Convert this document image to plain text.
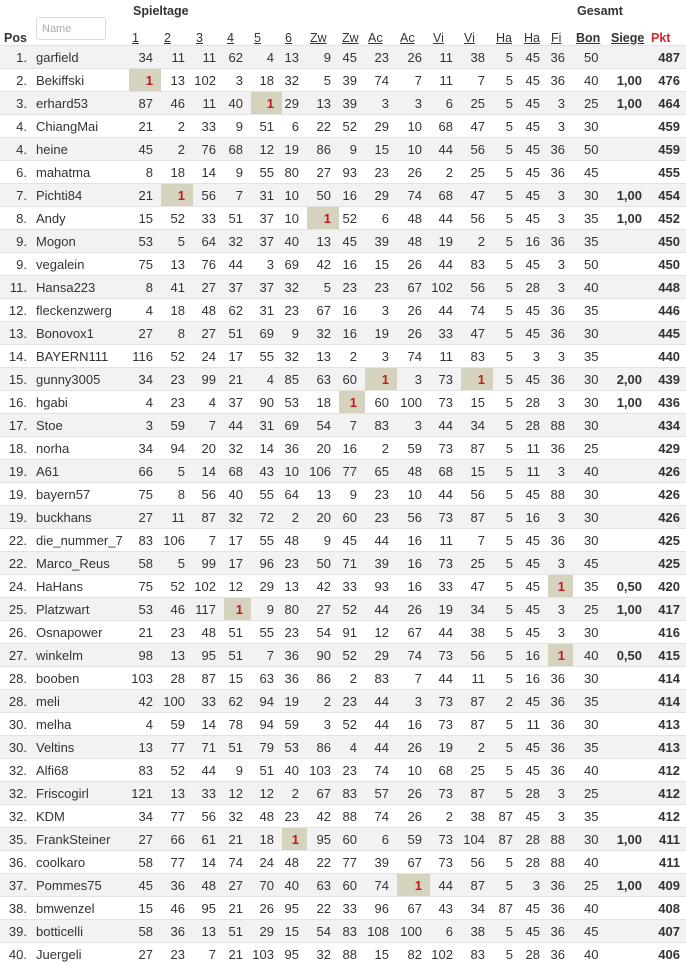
Spieltage	Gesamt
Name
Pos		1	2	3	4	5	6	Zw	Zw	Ac	Ac	Vi	Vi	Ha	Ha	Fi	Bon	Siege	Pkt
1.	garfield	34	11	11	62	4	13	9	45	23	26	11	38	5	45	36	50		487
2.	Bekiffski	1	13	102	3	18	32	5	39	74	7	11	7	5	45	36	40	1,00	476
3.	erhard53	87	46	11	40	1	29	13	39	3	3	6	25	5	45	3	25	1,00	464
4.	ChiangMai	21	2	33	9	51	6	22	52	29	10	68	47	5	45	3	30		459
4.	heine	45	2	76	68	12	19	86	9	15	10	44	56	5	45	36	50		459
6.	mahatma	8	18	14	9	55	80	27	93	23	26	2	25	5	45	36	45		455
7.	Pichti84	21	1	56	7	31	10	50	16	29	74	68	47	5	45	3	30	1,00	454
8.	Andy	15	52	33	51	37	10	1	52	6	48	44	56	5	45	3	35	1,00	452
9.	Mogon	53	5	64	32	37	40	13	45	39	48	19	2	5	16	36	35		450
9.	vegalein	75	13	76	44	3	69	42	16	15	26	44	83	5	45	3	50		450
11.	Hansa223	8	41	27	37	37	32	5	23	23	67	102	56	5	28	3	40		448
12.	fleckenzwerg	4	18	48	62	31	23	67	16	3	26	44	74	5	45	36	35		446
13.	Bonovox1	27	8	27	51	69	9	32	16	19	26	33	47	5	45	36	30		445
14.	BAYERN111	116	52	24	17	55	32	13	2	3	74	11	83	5	3	3	35		440
15.	gunny3005	34	23	99	21	4	85	63	60	1	3	73	1	5	45	36	30	2,00	439
16.	hgabi	4	23	4	37	90	53	18	1	60	100	73	15	5	28	3	30	1,00	436
17.	Stoe	3	59	7	44	31	69	54	7	83	3	44	34	5	28	88	30		434
18.	norha	34	94	20	32	14	36	20	16	2	59	73	87	5	11	36	25		429
19.	A61	66	5	14	68	43	10	106	77	65	48	68	15	5	11	3	40		426
19.	bayern57	75	8	56	40	55	64	13	9	23	10	44	56	5	45	88	30		426
19.	buckhans	27	11	87	32	72	2	20	60	23	56	73	87	5	16	3	30		426
22.	die_nummer_7	83	106	7	17	55	48	9	45	44	16	11	7	5	45	36	30		425
22.	Marco_Reus	58	5	99	17	96	23	50	71	39	16	73	25	5	45	3	45		425
24.	HaHans	75	52	102	12	29	13	42	33	93	16	33	47	5	45	1	35	0,50	420
25.	Platzwart	53	46	117	1	9	80	27	52	44	26	19	34	5	45	3	25	1,00	417
26.	Osnapower	21	23	48	51	55	23	54	91	12	67	44	38	5	45	3	30		416
27.	winkelm	98	13	95	51	7	36	90	52	29	74	73	56	5	16	1	40	0,50	415
28.	booben	103	28	87	15	63	36	86	2	83	7	44	11	5	16	36	30		414
28.	meli	42	100	33	62	94	19	2	23	44	3	73	87	2	45	36	35		414
30.	melha	4	59	14	78	94	59	3	52	44	16	73	87	5	11	36	30		413
30.	Veltins	13	77	71	51	79	53	86	4	44	26	19	2	5	45	36	35		413
32.	Alfi68	83	52	44	9	51	40	103	23	74	10	68	25	5	45	36	40		412
32.	Friscogirl	121	13	33	12	12	2	67	83	57	26	73	87	5	28	3	25		412
32.	KDM	34	77	56	32	48	23	42	88	74	26	2	38	87	45	3	35		412
35.	FrankSteiner	27	66	61	21	18	1	95	60	6	59	73	104	87	28	88	30	1,00	411
36.	coolkaro	58	77	14	74	24	48	22	77	39	67	73	56	5	28	88	40		411
37.	Pommes75	45	36	48	27	70	40	63	60	74	1	44	87	5	3	36	25	1,00	409
38.	bmwenzel	15	46	95	21	26	95	22	33	96	67	43	34	87	45	36	40		408
39.	botticelli	58	36	13	51	29	15	54	83	108	100	6	38	5	45	36	45		407
40.	Juergeli	27	23	7	21	103	95	32	88	15	82	102	83	5	28	36	40		406
